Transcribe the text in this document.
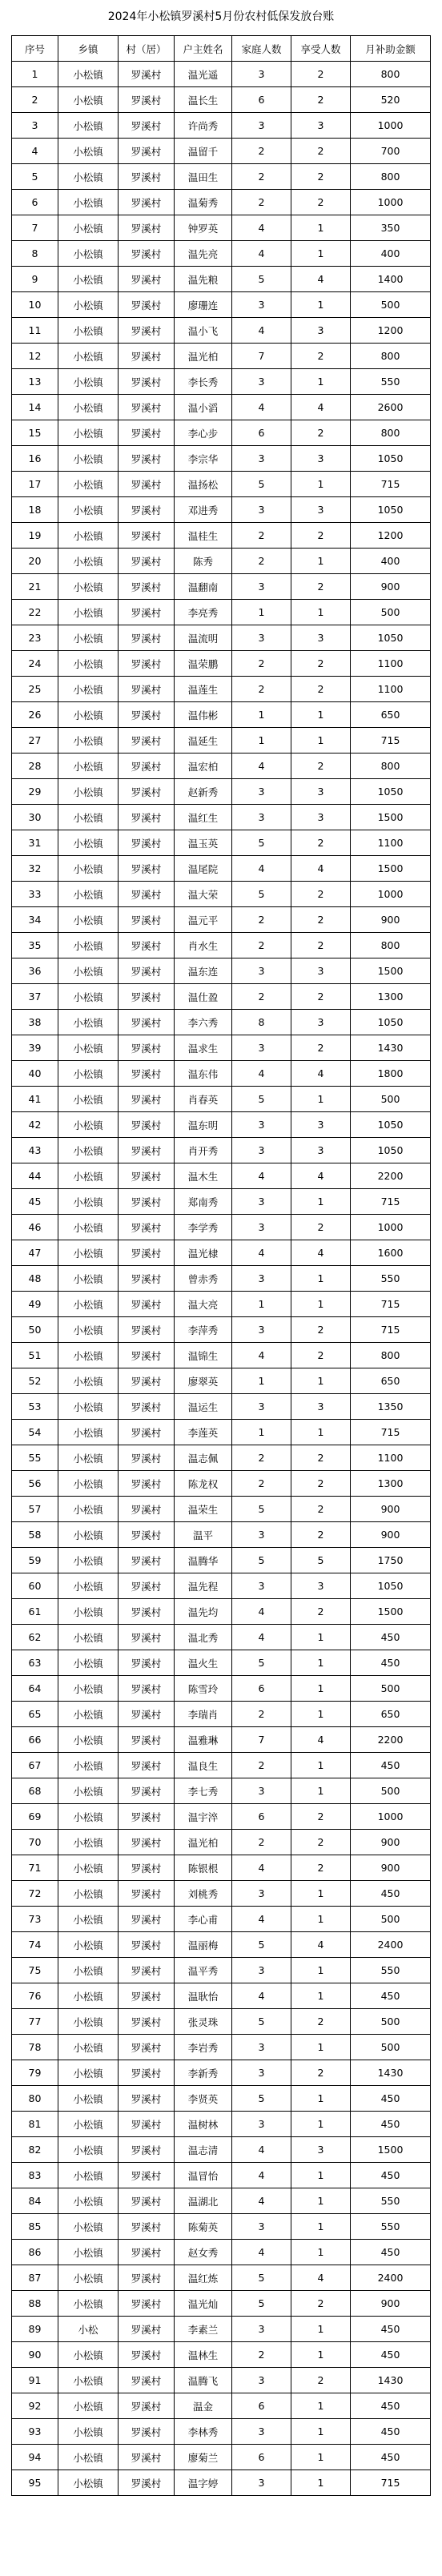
2024年小松镇罗溪村5月份农村低保发放台账
序号	乡镇	村（居）	户主姓名	家庭人数	享受人数	月补助金额
1	小松镇	罗溪村	温光遥	3	2	800
2	小松镇	罗溪村	温长生	6	2	520
3	小松镇	罗溪村	许尚秀	3	3	1000
4	小松镇	罗溪村	温留千	2	2	700
5	小松镇	罗溪村	温田生	2	2	800
6	小松镇	罗溪村	温菊秀	2	2	1000
7	小松镇	罗溪村	钟罗英	4	1	350
8	小松镇	罗溪村	温先亮	4	1	400
9	小松镇	罗溪村	温先粮	5	4	1400
10	小松镇	罗溪村	廖珊连	3	1	500
11	小松镇	罗溪村	温小飞	4	3	1200
12	小松镇	罗溪村	温光柏	7	2	800
13	小松镇	罗溪村	李长秀	3	1	550
14	小松镇	罗溪村	温小滔	4	4	2600
15	小松镇	罗溪村	李心步	6	2	800
16	小松镇	罗溪村	李宗华	3	3	1050
17	小松镇	罗溪村	温扬松	5	1	715
18	小松镇	罗溪村	邓进秀	3	3	1050
19	小松镇	罗溪村	温桂生	2	2	1200
20	小松镇	罗溪村	陈秀	2	1	400
21	小松镇	罗溪村	温翻南	3	2	900
22	小松镇	罗溪村	李亮秀	1	1	500
23	小松镇	罗溪村	温流明	3	3	1050
24	小松镇	罗溪村	温荣鹏	2	2	1100
25	小松镇	罗溪村	温莲生	2	2	1100
26	小松镇	罗溪村	温伟彬	1	1	650
27	小松镇	罗溪村	温延生	1	1	715
28	小松镇	罗溪村	温宏柏	4	2	800
29	小松镇	罗溪村	赵新秀	3	3	1050
30	小松镇	罗溪村	温红生	3	3	1500
31	小松镇	罗溪村	温玉英	5	2	1100
32	小松镇	罗溪村	温尾院	4	4	1500
33	小松镇	罗溪村	温大荣	5	2	1000
34	小松镇	罗溪村	温元平	2	2	900
35	小松镇	罗溪村	肖水生	2	2	800
36	小松镇	罗溪村	温东连	3	3	1500
37	小松镇	罗溪村	温仕盈	2	2	1300
38	小松镇	罗溪村	李六秀	8	3	1050
39	小松镇	罗溪村	温求生	3	2	1430
40	小松镇	罗溪村	温东伟	4	4	1800
41	小松镇	罗溪村	肖春英	5	1	500
42	小松镇	罗溪村	温东明	3	3	1050
43	小松镇	罗溪村	肖开秀	3	3	1050
44	小松镇	罗溪村	温木生	4	4	2200
45	小松镇	罗溪村	郑南秀	3	1	715
46	小松镇	罗溪村	李学秀	3	2	1000
47	小松镇	罗溪村	温光棣	4	4	1600
48	小松镇	罗溪村	曾赤秀	3	1	550
49	小松镇	罗溪村	温大亮	1	1	715
50	小松镇	罗溪村	李萍秀	3	2	715
51	小松镇	罗溪村	温锦生	4	2	800
52	小松镇	罗溪村	廖翠英	1	1	650
53	小松镇	罗溪村	温运生	3	3	1350
54	小松镇	罗溪村	李莲英	1	1	715
55	小松镇	罗溪村	温志佩	2	2	1100
56	小松镇	罗溪村	陈龙权	2	2	1300
57	小松镇	罗溪村	温荣生	5	2	900
58	小松镇	罗溪村	温平	3	2	900
59	小松镇	罗溪村	温腾华	5	5	1750
60	小松镇	罗溪村	温先程	3	3	1050
61	小松镇	罗溪村	温先均	4	2	1500
62	小松镇	罗溪村	温北秀	4	1	450
63	小松镇	罗溪村	温火生	5	1	450
64	小松镇	罗溪村	陈雪玲	6	1	500
65	小松镇	罗溪村	李瑞肖	2	1	650
66	小松镇	罗溪村	温雅琳	7	4	2200
67	小松镇	罗溪村	温良生	2	1	450
68	小松镇	罗溪村	李七秀	3	1	500
69	小松镇	罗溪村	温宇淬	6	2	1000
70	小松镇	罗溪村	温光柏	2	2	900
71	小松镇	罗溪村	陈银根	4	2	900
72	小松镇	罗溪村	刘桃秀	3	1	450
73	小松镇	罗溪村	李心甫	4	1	500
74	小松镇	罗溪村	温丽梅	5	4	2400
75	小松镇	罗溪村	温平秀	3	1	550
76	小松镇	罗溪村	温耿怡	4	1	450
77	小松镇	罗溪村	张灵珠	5	2	500
78	小松镇	罗溪村	李岩秀	3	1	500
79	小松镇	罗溪村	李新秀	3	2	1430
80	小松镇	罗溪村	李贤英	5	1	450
81	小松镇	罗溪村	温树林	3	1	450
82	小松镇	罗溪村	温志清	4	3	1500
83	小松镇	罗溪村	温冒怡	4	1	450
84	小松镇	罗溪村	温湖北	4	1	550
85	小松镇	罗溪村	陈菊英	3	1	550
86	小松镇	罗溪村	赵女秀	4	1	450
87	小松镇	罗溪村	温红炼	5	4	2400
88	小松镇	罗溪村	温光灿	5	2	900
89	小松	罗溪村	李素兰	3	1	450
90	小松镇	罗溪村	温林生	2	1	450
91	小松镇	罗溪村	温腾飞	3	2	1430
92	小松镇	罗溪村	温金	6	1	450
93	小松镇	罗溪村	李林秀	3	1	450
94	小松镇	罗溪村	廖菊兰	6	1	450
95	小松镇	罗溪村	温字婷	3	1	715
